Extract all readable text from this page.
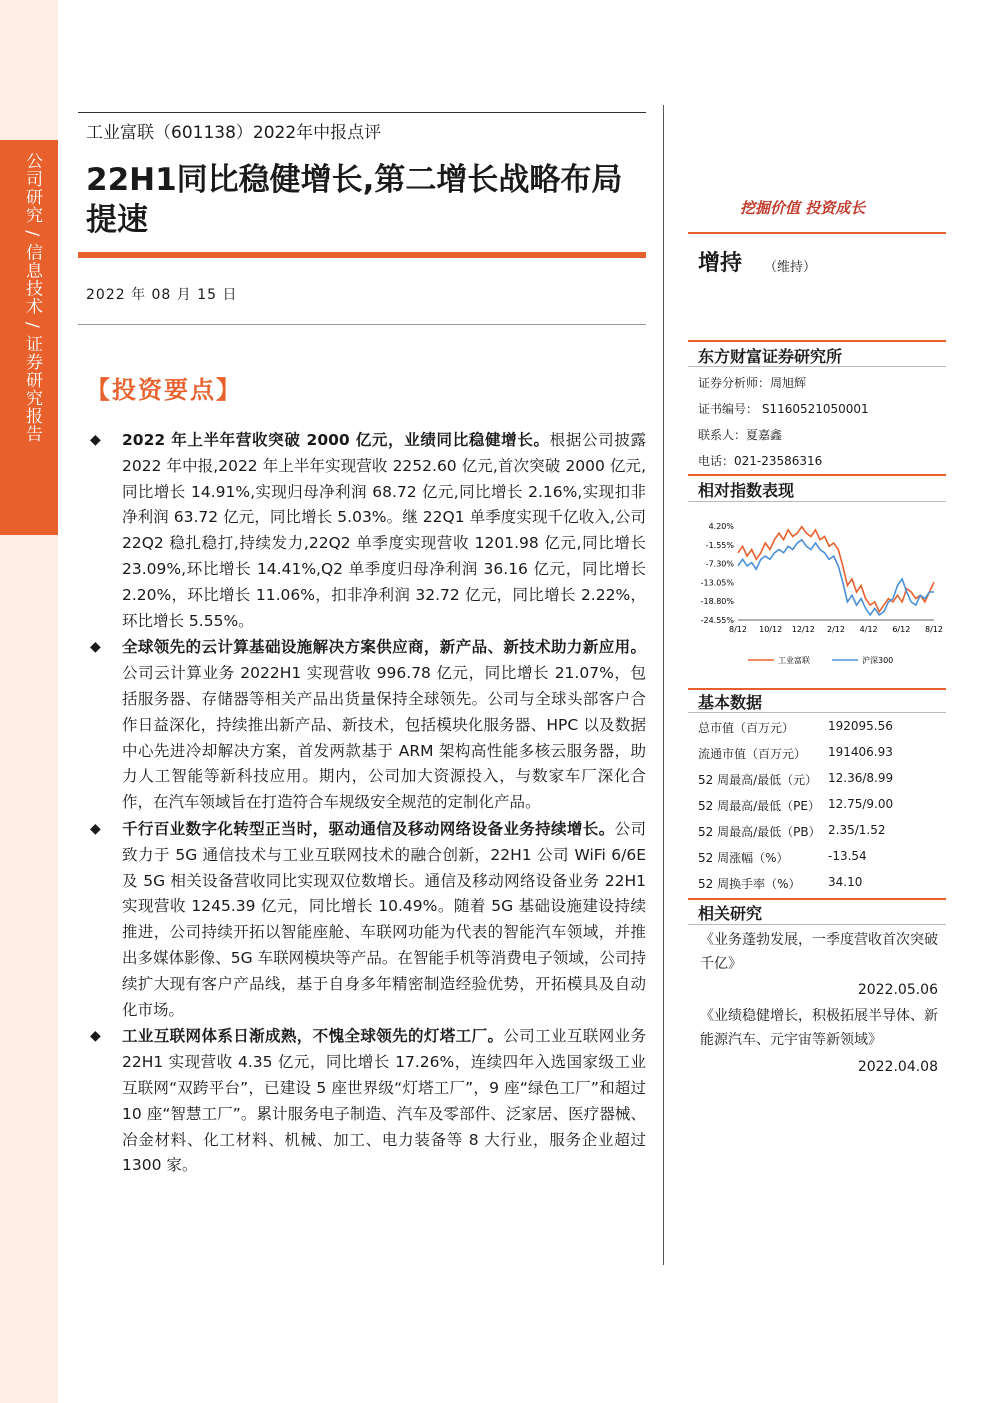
公司研究 / 信息技术 / 证券研究报告
工业富联（601138）2022年中报点评
22H1同比稳健增长,第二增长战略布局提速
2022 年 08 月 15 日
【投资要点】
◆ 2022 年上半年营收突破 2000 亿元，业绩同比稳健增长。根据公司披露 2022 年中报,2022 年上半年实现营收 2252.60 亿元,首次突破 2000 亿元,同比增长 14.91%,实现归母净利润 68.72 亿元,同比增长 2.16%,实现扣非净利润 63.72 亿元，同比增长 5.03%。继 22Q1 单季度实现千亿收入,公司 22Q2 稳扎稳打,持续发力,22Q2 单季度实现营收 1201.98 亿元,同比增长 23.09%,环比增长 14.41%,Q2 单季度归母净利润 36.16 亿元，同比增长 2.20%，环比增长 11.06%，扣非净利润 32.72 亿元，同比增长 2.22%，环比增长 5.55%。
◆ 全球领先的云计算基础设施解决方案供应商，新产品、新技术助力新应用。公司云计算业务 2022H1 实现营收 996.78 亿元，同比增长 21.07%，包括服务器、存储器等相关产品出货量保持全球领先。公司与全球头部客户合作日益深化，持续推出新产品、新技术，包括模块化服务器、HPC 以及数据中心先进冷却解决方案，首发两款基于 ARM 架构高性能多核云服务器，助力人工智能等新科技应用。期内，公司加大资源投入，与数家车厂深化合作，在汽车领域旨在打造符合车规级安全规范的定制化产品。
◆ 千行百业数字化转型正当时，驱动通信及移动网络设备业务持续增长。公司致力于 5G 通信技术与工业互联网技术的融合创新，22H1 公司 WiFi 6/6E 及 5G 相关设备营收同比实现双位数增长。通信及移动网络设备业务 22H1 实现营收 1245.39 亿元，同比增长 10.49%。随着 5G 基础设施建设持续推进，公司持续开拓以智能座舱、车联网功能为代表的智能汽车领域，并推出多媒体影像、5G 车联网模块等产品。在智能手机等消费电子领域，公司持续扩大现有客户产品线，基于自身多年精密制造经验优势，开拓模具及自动化市场。
◆ 工业互联网体系日渐成熟，不愧全球领先的灯塔工厂。公司工业互联网业务 22H1 实现营收 4.35 亿元，同比增长 17.26%，连续四年入选国家级工业互联网“双跨平台”，已建设 5 座世界级“灯塔工厂”，9 座“绿色工厂”和超过 10 座“智慧工厂”。累计服务电子制造、汽车及零部件、泛家居、医疗器械、冶金材料、化工材料、机械、加工、电力装备等 8 大行业，服务企业超过 1300 家。
挖掘价值 投资成长
增持 （维持）
东方财富证券研究所
证券分析师：周旭辉
证书编号： S1160521050001
联系人：夏嘉鑫
电话：021-23586316
相对指数表现
4.20%
-1.55%
-7.30%
-13.05%
-18.80%
-24.55%
8/12 10/12 12/12 2/12 4/12 6/12 8/12
工业富联	沪深300
基本数据
总市值（百万元）	192095.56
流通市值（百万元） 191406.93
52 周最高/最低（元） 12.36/8.99
52 周最高/最低（PE） 12.75/9.00
52 周最高/最低（PB） 2.35/1.52
52 周涨幅（%）	-13.54
52 周换手率（%） 34.10
相关研究
《业务蓬勃发展，一季度营收首次突破千亿》
2022.05.06
《业绩稳健增长，积极拓展半导体、新能源汽车、元宇宙等新领域》
2022.04.08
